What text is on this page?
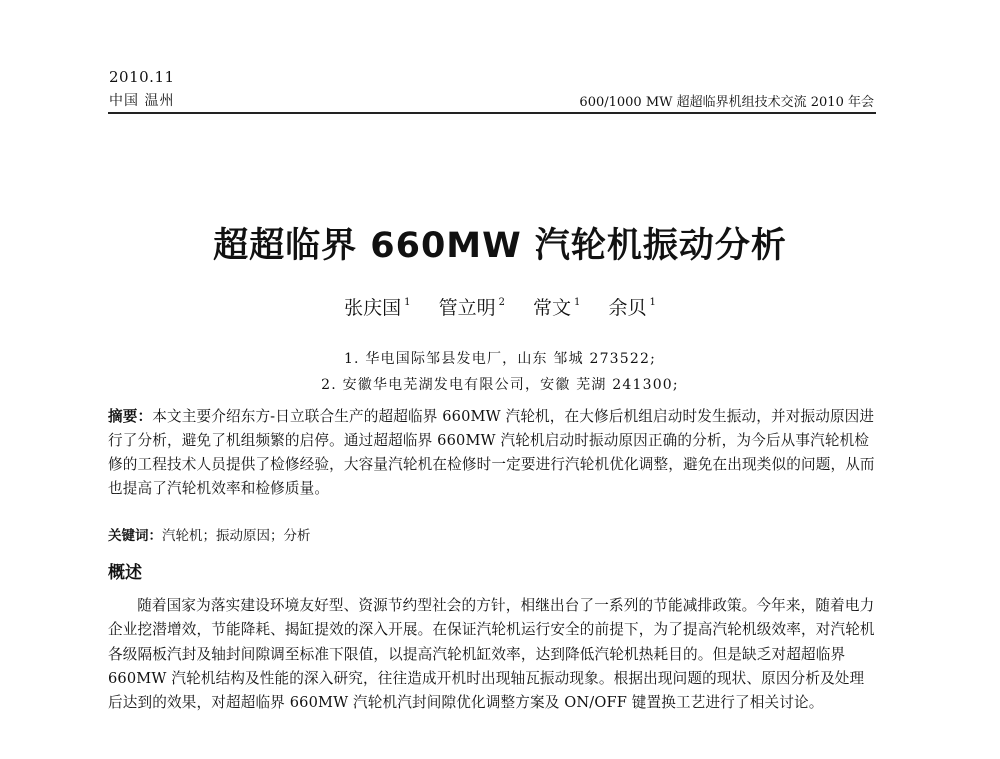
2010.11
中国 温州	600/1000 MW 超超临界机组技术交流 2010 年会
超超临界 660MW 汽轮机振动分析
张庆国 $^1$ 管立明 $^2$ 常文 $^1$ 余贝 $^1$
1. 华电国际邹县发电厂，山东 邹城 273522;
2. 安徽华电芜湖发电有限公司，安徽 芜湖 241300;
摘要：本文主要介绍东方-日立联合生产的超超临界 660MW 汽轮机，在大修后机组启动时发生振动，并对振动原因进行了分析，避免了机组频繁的启停。通过超超临界 660MW 汽轮机启动时振动原因正确的分析，为今后从事汽轮机检修的工程技术人员提供了检修经验，大容量汽轮机在检修时一定要进行汽轮机优化调整，避免在出现类似的问题，从而也提高了汽轮机效率和检修质量。
关键词：汽轮机；振动原因；分析
概述
随着国家为落实建设环境友好型、资源节约型社会的方针，相继出台了一系列的节能减排政策。今年来，随着电力企业挖潜增效，节能降耗、揭缸提效的深入开展。在保证汽轮机运行安全的前提下，为了提高汽轮机级效率，对汽轮机各级隔板汽封及轴封间隙调至标准下限值，以提高汽轮机缸效率，达到降低汽轮机热耗目的。但是缺乏对超超临界 660MW 汽轮机结构及性能的深入研究，往往造成开机时出现轴瓦振动现象。根据出现问题的现状、原因分析及处理后达到的效果，对超超临界 660MW 汽轮机汽封间隙优化调整方案及 ON/OFF 键置换工艺进行了相关讨论。
